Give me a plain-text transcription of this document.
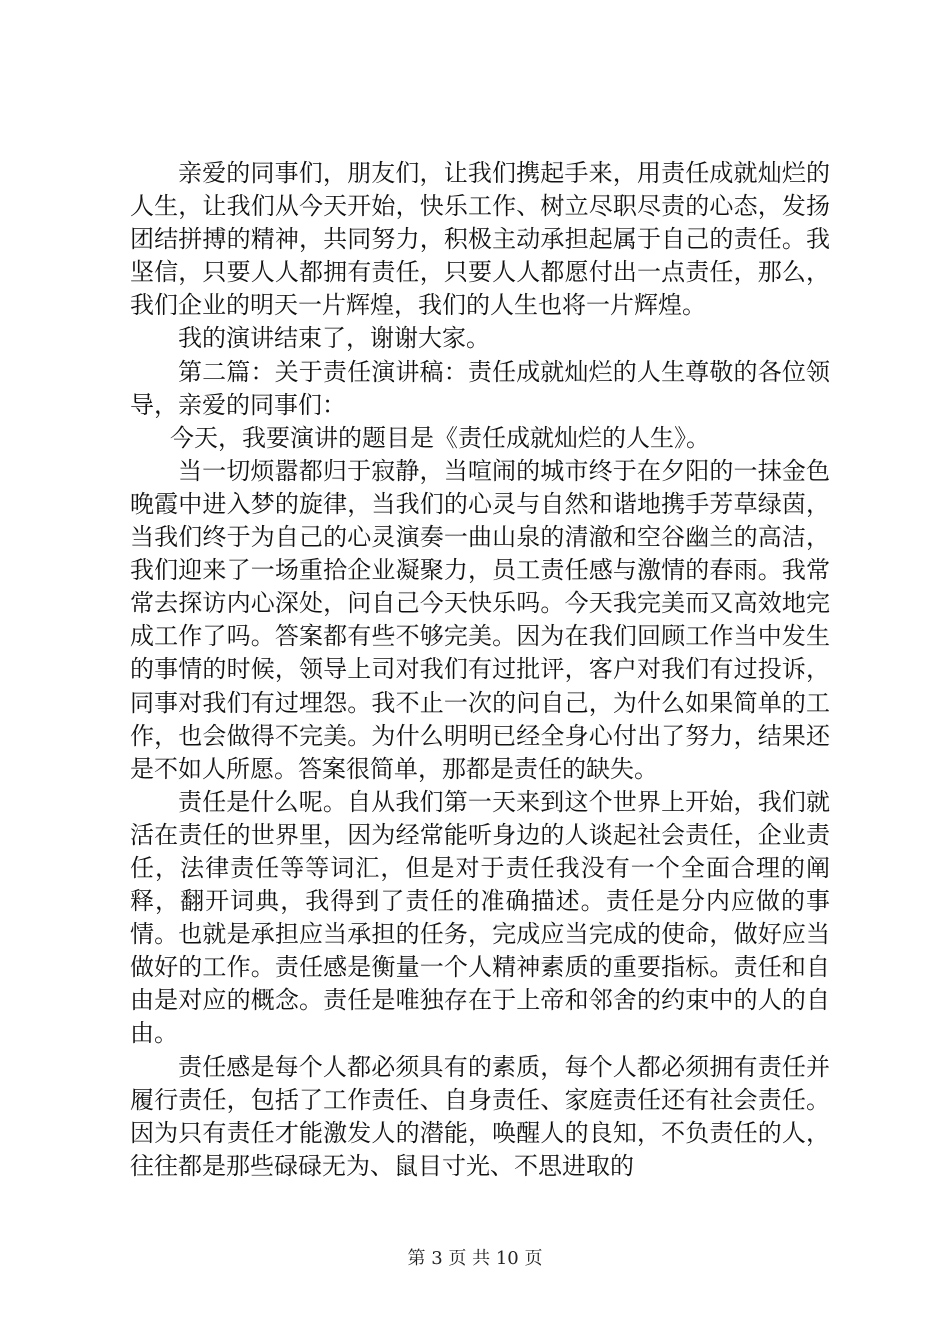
亲爱的同事们，朋友们，让我们携起手来，用责任成就灿烂的人生，让我们从今天开始，快乐工作、树立尽职尽责的心态，发扬团结拼搏的精神，共同努力，积极主动承担起属于自己的责任。我坚信，只要人人都拥有责任，只要人人都愿付出一点责任，那么，我们企业的明天一片辉煌，我们的人生也将一片辉煌。

我的演讲结束了，谢谢大家。

第二篇：关于责任演讲稿：责任成就灿烂的人生尊敬的各位领导，亲爱的同事们：

今天，我要演讲的题目是《责任成就灿烂的人生》。

当一切烦嚣都归于寂静，当喧闹的城市终于在夕阳的一抹金色晚霞中进入梦的旋律，当我们的心灵与自然和谐地携手芳草绿茵，当我们终于为自己的心灵演奏一曲山泉的清澈和空谷幽兰的高洁，我们迎来了一场重拾企业凝聚力，员工责任感与激情的春雨。我常常去探访内心深处，问自己今天快乐吗。今天我完美而又高效地完成工作了吗。答案都有些不够完美。因为在我们回顾工作当中发生的事情的时候，领导上司对我们有过批评，客户对我们有过投诉，同事对我们有过埋怨。我不止一次的问自己，为什么如果简单的工作，也会做得不完美。为什么明明已经全身心付出了努力，结果还是不如人所愿。答案很简单，那都是责任的缺失。

责任是什么呢。自从我们第一天来到这个世界上开始，我们就活在责任的世界里，因为经常能听身边的人谈起社会责任，企业责任，法律责任等等词汇，但是对于责任我没有一个全面合理的阐释，翻开词典，我得到了责任的准确描述。责任是分内应做的事情。也就是承担应当承担的任务，完成应当完成的使命，做好应当做好的工作。责任感是衡量一个人精神素质的重要指标。责任和自由是对应的概念。责任是唯独存在于上帝和邻舍的约束中的人的自由。

责任感是每个人都必须具有的素质，每个人都必须拥有责任并履行责任，包括了工作责任、自身责任、家庭责任还有社会责任。因为只有责任才能激发人的潜能，唤醒人的良知，不负责任的人，往往都是那些碌碌无为、鼠目寸光、不思进取的

第 3 页 共 10 页
